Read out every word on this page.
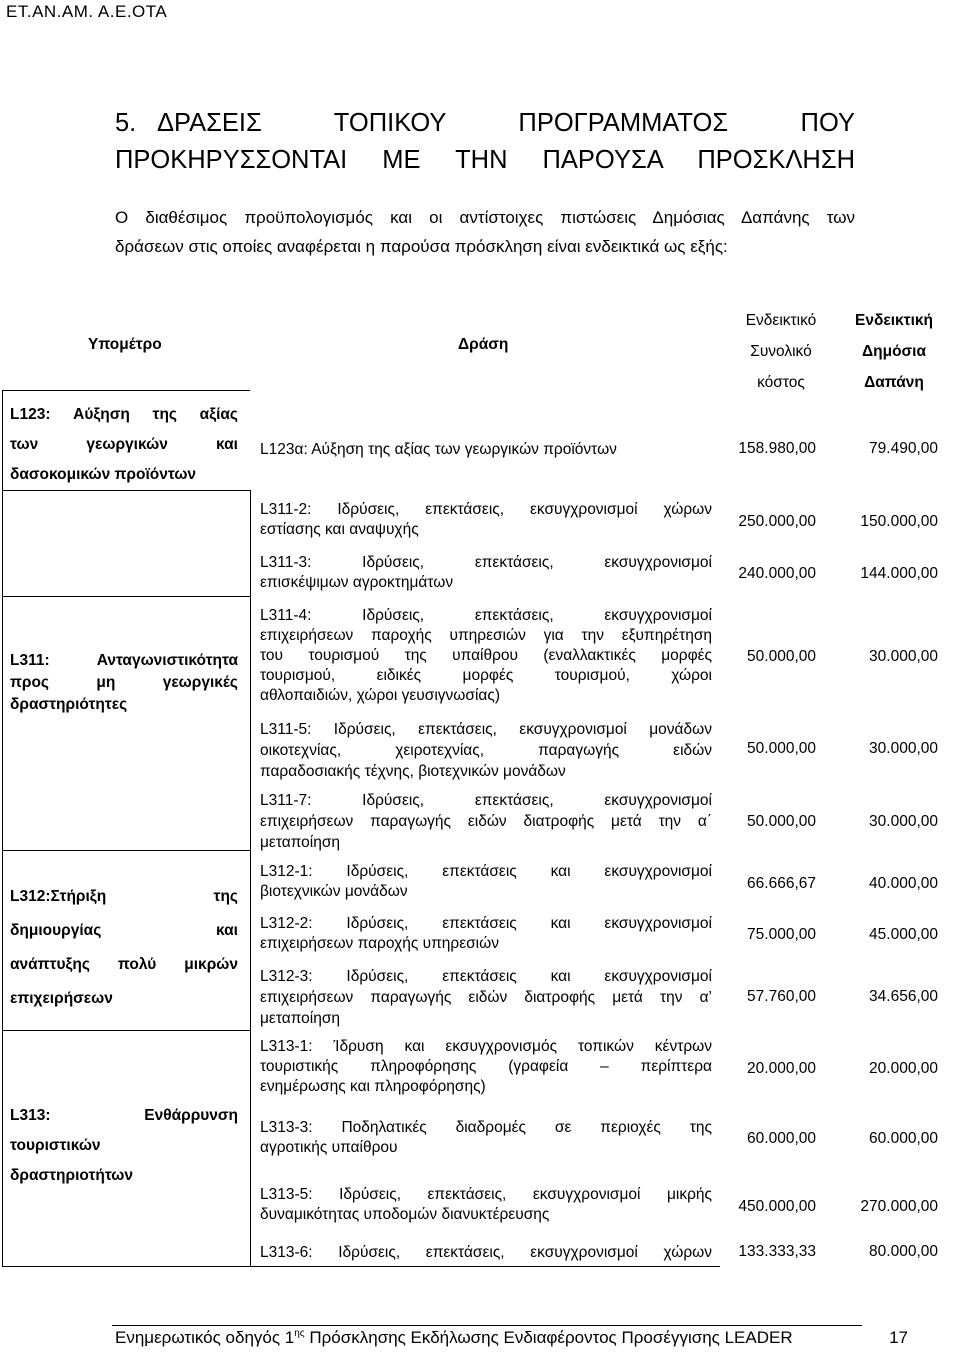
ΕΤ.ΑΝ.ΑΜ. Α.Ε.ΟΤΑ
5. ΔΡΑΣΕΙΣ ΤΟΠΙΚΟΥ ΠΡΟΓΡΑΜΜΑΤΟΣ ΠΟΥ
ΠΡΟΚΗΡΥΣΣΟΝΤΑΙ ΜΕ ΤΗΝ ΠΑΡΟΥΣΑ ΠΡΟΣΚΛΗΣΗ
Ο διαθέσιμος προϋπολογισμός και οι αντίστοιχες πιστώσεις Δημόσιας Δαπάνης των
δράσεων στις οποίες αναφέρεται η παρούσα πρόσκληση είναι ενδεικτικά ως εξής:
Υπομέτρο	Δράση
Ενδεικτικό
Συνολικό
κόστος
Ενδεικτική
Δημόσια
Δαπάνη
L123: Αύξηση της αξίας
των γεωργικών και
δασοκομικών προϊόντων
L311: Ανταγωνιστικότητα
προς μη γεωργικές
δραστηριότητες
L312:Στήριξη της
δημιουργίας και
ανάπτυξης πολύ μικρών
επιχειρήσεων
L313: Ενθάρρυνση
τουριστικών
δραστηριοτήτων
L123α: Αύξηση της αξίας των γεωργικών προϊόντων
L311-2: Ιδρύσεις, επεκτάσεις, εκσυγχρονισμοί χώρων
εστίασης και αναψυχής
L311-3: Ιδρύσεις, επεκτάσεις, εκσυγχρονισμοί
επισκέψιμων αγροκτημάτων
L311-4: Ιδρύσεις, επεκτάσεις, εκσυγχρονισμοί
επιχειρήσεων παροχής υπηρεσιών για την εξυπηρέτηση
του τουρισμού της υπαίθρου (εναλλακτικές μορφές
τουρισμού, ειδικές μορφές τουρισμού, χώροι
αθλοπαιδιών, χώροι γευσιγνωσίας)
L311-5: Ιδρύσεις, επεκτάσεις, εκσυγχρονισμοί μονάδων
οικοτεχνίας, χειροτεχνίας, παραγωγής ειδών
παραδοσιακής τέχνης, βιοτεχνικών μονάδων
L311-7: Ιδρύσεις, επεκτάσεις, εκσυγχρονισμοί
επιχειρήσεων παραγωγής ειδών διατροφής μετά την α΄
μεταποίηση
L312-1: Ιδρύσεις, επεκτάσεις και εκσυγχρονισμοί
βιοτεχνικών μονάδων
L312-2: Ιδρύσεις, επεκτάσεις και εκσυγχρονισμοί
επιχειρήσεων παροχής υπηρεσιών
L312-3: Ιδρύσεις, επεκτάσεις και εκσυγχρονισμοί
επιχειρήσεων παραγωγής ειδών διατροφής μετά την α’
μεταποίηση
L313-1: Ίδρυση και εκσυγχρονισμός τοπικών κέντρων
τουριστικής πληροφόρησης (γραφεία – περίπτερα
ενημέρωσης και πληροφόρησης)
L313-3: Ποδηλατικές διαδρομές σε περιοχές της
αγροτικής υπαίθρου
L313-5: Ιδρύσεις, επεκτάσεις, εκσυγχρονισμοί μικρής
δυναμικότητας υποδομών διανυκτέρευσης
L313-6: Ιδρύσεις, επεκτάσεις, εκσυγχρονισμοί χώρων
158.980,00
250.000,00
240.000,00
50.000,00
50.000,00
50.000,00
66.666,67
75.000,00
57.760,00
20.000,00
60.000,00
450.000,00
133.333,33
79.490,00
150.000,00
144.000,00
30.000,00
30.000,00
30.000,00
40.000,00
45.000,00
34.656,00
20.000,00
60.000,00
270.000,00
80.000,00
Ενημερωτικός οδηγός $1^{\eta\varsigma}$ Πρόσκλησης Εκδήλωσης Ενδιαφέροντος Προσέγγισης LEADER	17
